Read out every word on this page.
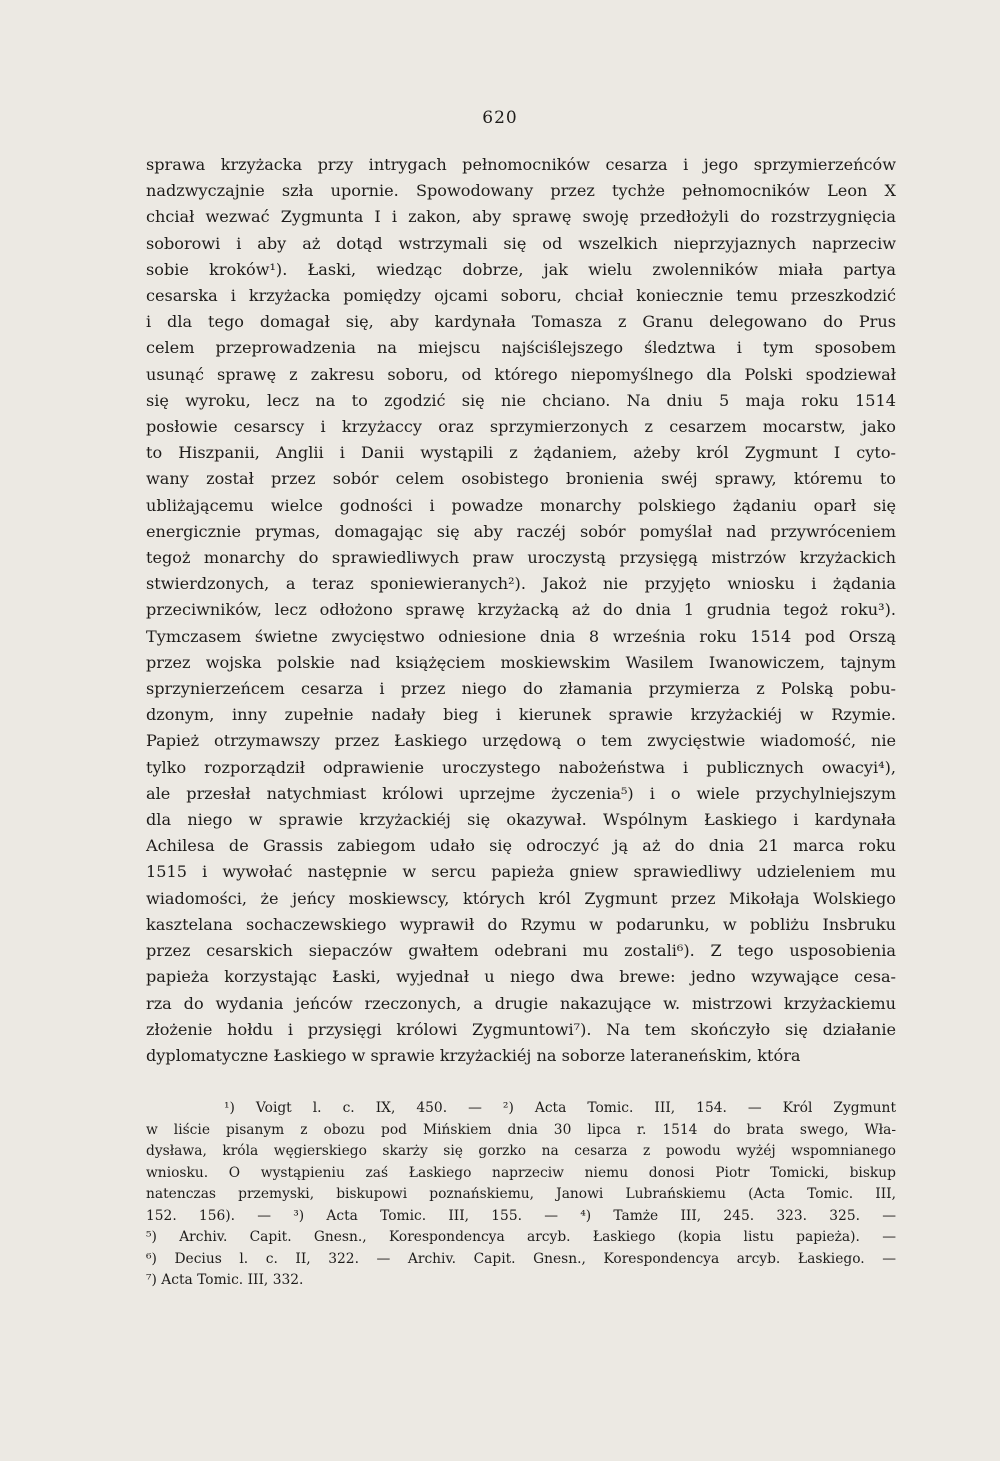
620
sprawa krzyżacka przy intrygach pełnomocników cesarza i jego sprzymierzeńców
nadzwyczajnie szła upornie. Spowodowany przez tychże pełnomocników Leon X
chciał wezwać Zygmunta I i zakon, aby sprawę swoję przedłożyli do rozstrzygnięcia
soborowi i aby aż dotąd wstrzymali się od wszelkich nieprzyjaznych naprzeciw
sobie kroków¹). Łaski, wiedząc dobrze, jak wielu zwolenników miała partya
cesarska i krzyżacka pomiędzy ojcami soboru, chciał koniecznie temu przeszkodzić
i dla tego domagał się, aby kardynała Tomasza z Granu delegowano do Prus
celem przeprowadzenia na miejscu najściślejszego śledztwa i tym sposobem
usunąć sprawę z zakresu soboru, od którego niepomyślnego dla Polski spodziewał
się wyroku, lecz na to zgodzić się nie chciano. Na dniu 5 maja roku 1514
posłowie cesarscy i krzyżaccy oraz sprzymierzonych z cesarzem mocarstw, jako
to Hiszpanii, Anglii i Danii wystąpili z żądaniem, ażeby król Zygmunt I cyto-
wany został przez sobór celem osobistego bronienia swéj sprawy, któremu to
ubliżającemu wielce godności i powadze monarchy polskiego żądaniu oparł się
energicznie prymas, domagając się aby raczéj sobór pomyślał nad przywróceniem
tegoż monarchy do sprawiedliwych praw uroczystą przysięgą mistrzów krzyżackich
stwierdzonych, a teraz sponiewieranych²). Jakoż nie przyjęto wniosku i żądania
przeciwników, lecz odłożono sprawę krzyżacką aż do dnia 1 grudnia tegoż roku³).
Tymczasem świetne zwycięstwo odniesione dnia 8 września roku 1514 pod Orszą
przez wojska polskie nad książęciem moskiewskim Wasilem Iwanowiczem, tajnym
sprzynierzeńcem cesarza i przez niego do złamania przymierza z Polską pobu-
dzonym, inny zupełnie nadały bieg i kierunek sprawie krzyżackiéj w Rzymie.
Papież otrzymawszy przez Łaskiego urzędową o tem zwycięstwie wiadomość, nie
tylko rozporządził odprawienie uroczystego nabożeństwa i publicznych owacyi⁴),
ale przesłał natychmiast królowi uprzejme życzenia⁵) i o wiele przychylniejszym
dla niego w sprawie krzyżackiéj się okazywał. Wspólnym Łaskiego i kardynała
Achilesa de Grassis zabiegom udało się odroczyć ją aż do dnia 21 marca roku
1515 i wywołać następnie w sercu papieża gniew sprawiedliwy udzieleniem mu
wiadomości, że jeńcy moskiewscy, których król Zygmunt przez Mikołaja Wolskiego
kasztelana sochaczewskiego wyprawił do Rzymu w podarunku, w pobliżu Insbruku
przez cesarskich siepaczów gwałtem odebrani mu zostali⁶). Z tego usposobienia
papieża korzystając Łaski, wyjednał u niego dwa brewe: jedno wzywające cesa-
rza do wydania jeńców rzeczonych, a drugie nakazujące w. mistrzowi krzyżackiemu
złożenie hołdu i przysięgi królowi Zygmuntowi⁷). Na tem skończyło się działanie
dyplomatyczne Łaskiego w sprawie krzyżackiéj na soborze lateraneńskim, która
¹) Voigt l. c. IX, 450. — ²) Acta Tomic. III, 154. — Król Zygmunt
w liście pisanym z obozu pod Mińskiem dnia 30 lipca r. 1514 do brata swego, Wła-
dysława, króla węgierskiego skarży się gorzko na cesarza z powodu wyżéj wspomnianego
wniosku. O wystąpieniu zaś Łaskiego naprzeciw niemu donosi Piotr Tomicki, biskup
natenczas przemyski, biskupowi poznańskiemu, Janowi Lubrańskiemu (Acta Tomic. III,
152. 156). — ³) Acta Tomic. III, 155. — ⁴) Tamże III, 245. 323. 325. —
⁵) Archiv. Capit. Gnesn., Korespondencya arcyb. Łaskiego (kopia listu papieża). —
⁶) Decius l. c. II, 322. — Archiv. Capit. Gnesn., Korespondencya arcyb. Łaskiego. —
⁷) Acta Tomic. III, 332.
